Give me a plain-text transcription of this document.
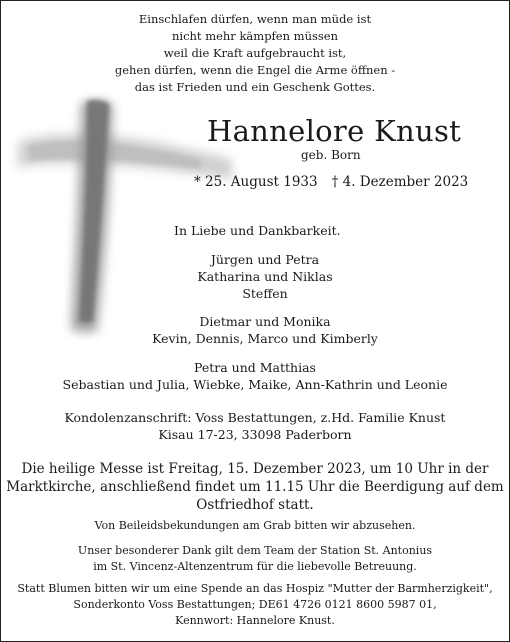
Einschlafen dürfen, wenn man müde ist
nicht mehr kämpfen müssen
weil die Kraft aufgebraucht ist,
gehen dürfen, wenn die Engel die Arme öffnen -
das ist Frieden und ein Geschenk Gottes.
Hannelore Knust
geb. Born
* 25. August 1933 † 4. Dezember 2023
In Liebe und Dankbarkeit.
Jürgen und Petra
Katharina und Niklas
Steffen
Dietmar und Monika
Kevin, Dennis, Marco und Kimberly
Petra und Matthias
Sebastian und Julia, Wiebke, Maike, Ann-Kathrin und Leonie
Kondolenzanschrift: Voss Bestattungen, z.Hd. Familie Knust
Kisau 17-23, 33098 Paderborn
Die heilige Messe ist Freitag, 15. Dezember 2023, um 10 Uhr in der
Marktkirche, anschließend findet um 11.15 Uhr die Beerdigung auf dem
Ostfriedhof statt.
Von Beileidsbekundungen am Grab bitten wir abzusehen.
Unser besonderer Dank gilt dem Team der Station St. Antonius
im St. Vincenz-Altenzentrum für die liebevolle Betreuung.
Statt Blumen bitten wir um eine Spende an das Hospiz "Mutter der Barmherzigkeit",
Sonderkonto Voss Bestattungen; DE61 4726 0121 8600 5987 01,
Kennwort: Hannelore Knust.
